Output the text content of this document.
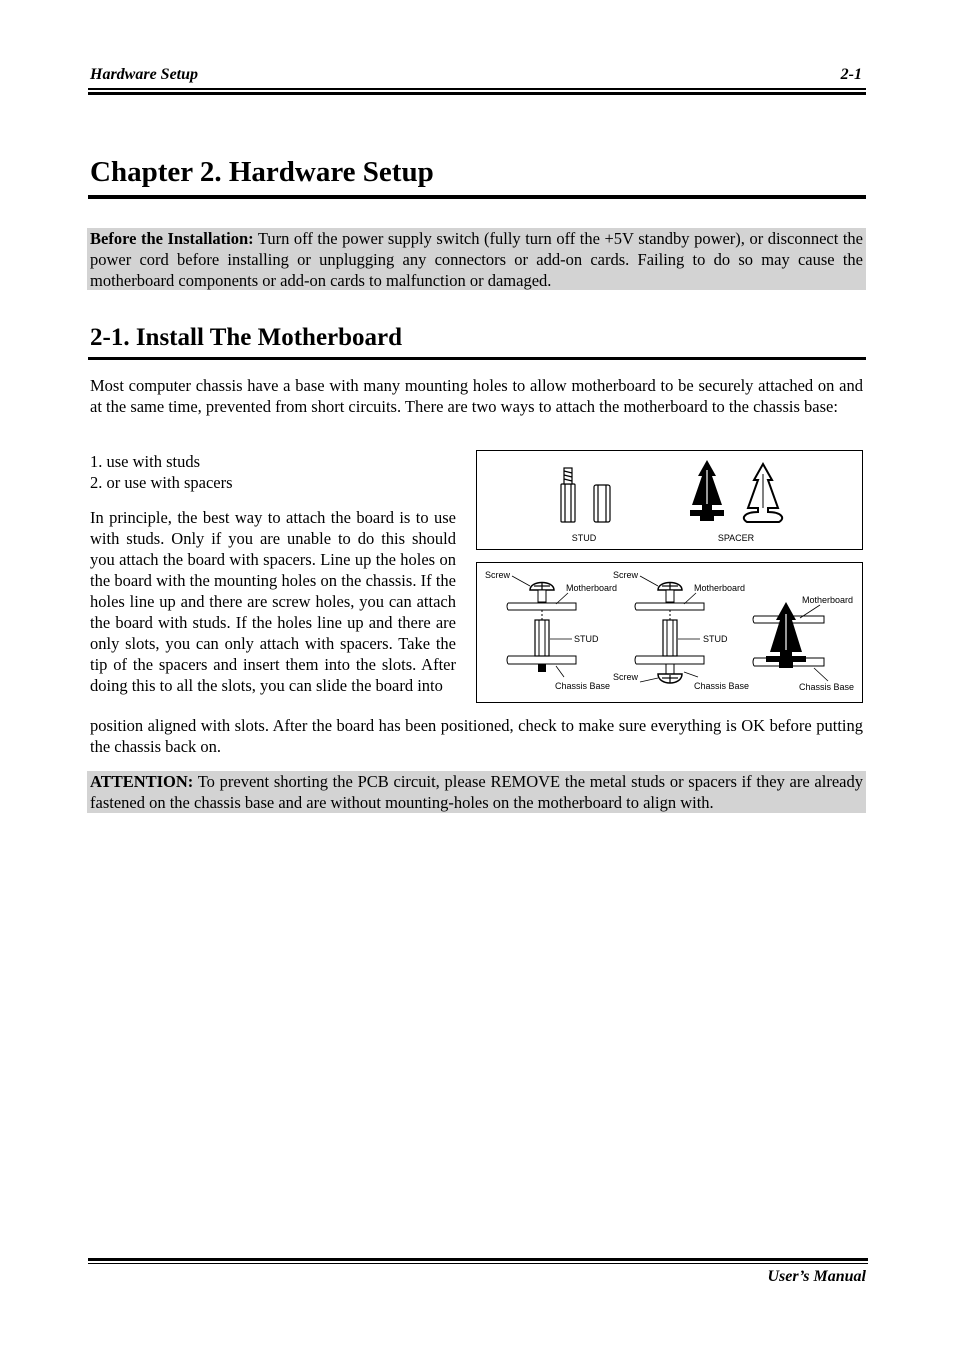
Hardware Setup	2-1
Chapter 2. Hardware Setup
Before the Installation: Turn off the power supply switch (fully turn off the +5V standby power), or disconnect the power cord before installing or unplugging any connectors or add-on cards. Failing to do so may cause the motherboard components or add-on cards to malfunction or damaged.
2-1. Install The Motherboard
Most computer chassis have a base with many mounting holes to allow motherboard to be securely attached on and at the same time, prevented from short circuits. There are two ways to attach the motherboard to the chassis base:
1. use with studs
2. or use with spacers
In principle, the best way to attach the board is to use with studs. Only if you are unable to do this should you attach the board with spacers. Line up the holes on the board with the mounting holes on the chassis. If the holes line up and there are screw holes, you can attach the board with studs. If the holes line up and there are only slots, you can only attach with spacers. Take the tip of the spacers and insert them into the slots. After doing this to all the slots, you can slide the board into
position aligned with slots. After the board has been positioned, check to make sure everything is OK before putting the chassis back on.
STUD	SPACER
Screw
Motherboard
STUD
Chassis Base
Screw
Motherboard
STUD
Screw
Chassis Base
Motherboard
Chassis Base
ATTENTION: To prevent shorting the PCB circuit, please REMOVE the metal studs or spacers if they are already fastened on the chassis base and are without mounting-holes on the motherboard to align with.
User’s Manual
